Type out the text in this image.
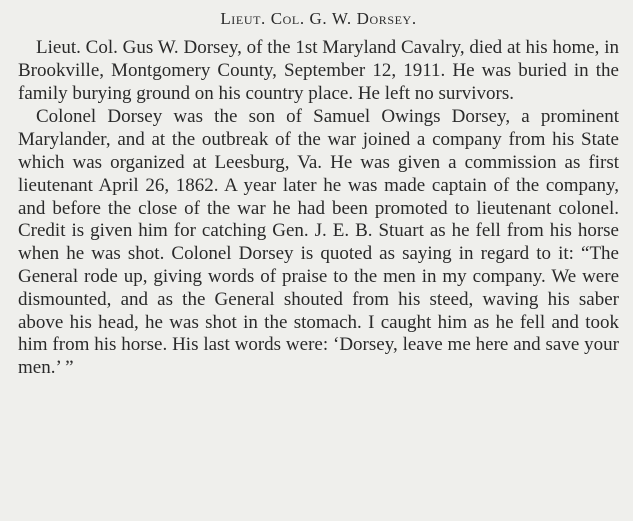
Lieut. Col. G. W. Dorsey.

Lieut. Col. Gus W. Dorsey, of the 1st Maryland Cavalry, died at his home, in Brookville, Montgomery County, September 12, 1911. He was buried in the family burying ground on his country place. He left no survivors.

Colonel Dorsey was the son of Samuel Owings Dorsey, a prominent Marylander, and at the outbreak of the war joined a company from his State which was organized at Leesburg, Va. He was given a commission as first lieutenant April 26, 1862. A year later he was made captain of the company, and before the close of the war he had been promoted to lieutenant colonel. Credit is given him for catching Gen. J. E. B. Stuart as he fell from his horse when he was shot. Colonel Dorsey is quoted as saying in regard to it: “The General rode up, giving words of praise to the men in my company. We were dismounted, and as the General shouted from his steed, waving his saber above his head, he was shot in the stomach. I caught him as he fell and took him from his horse. His last words were: ‘Dorsey, leave me here and save your men.’ ”
